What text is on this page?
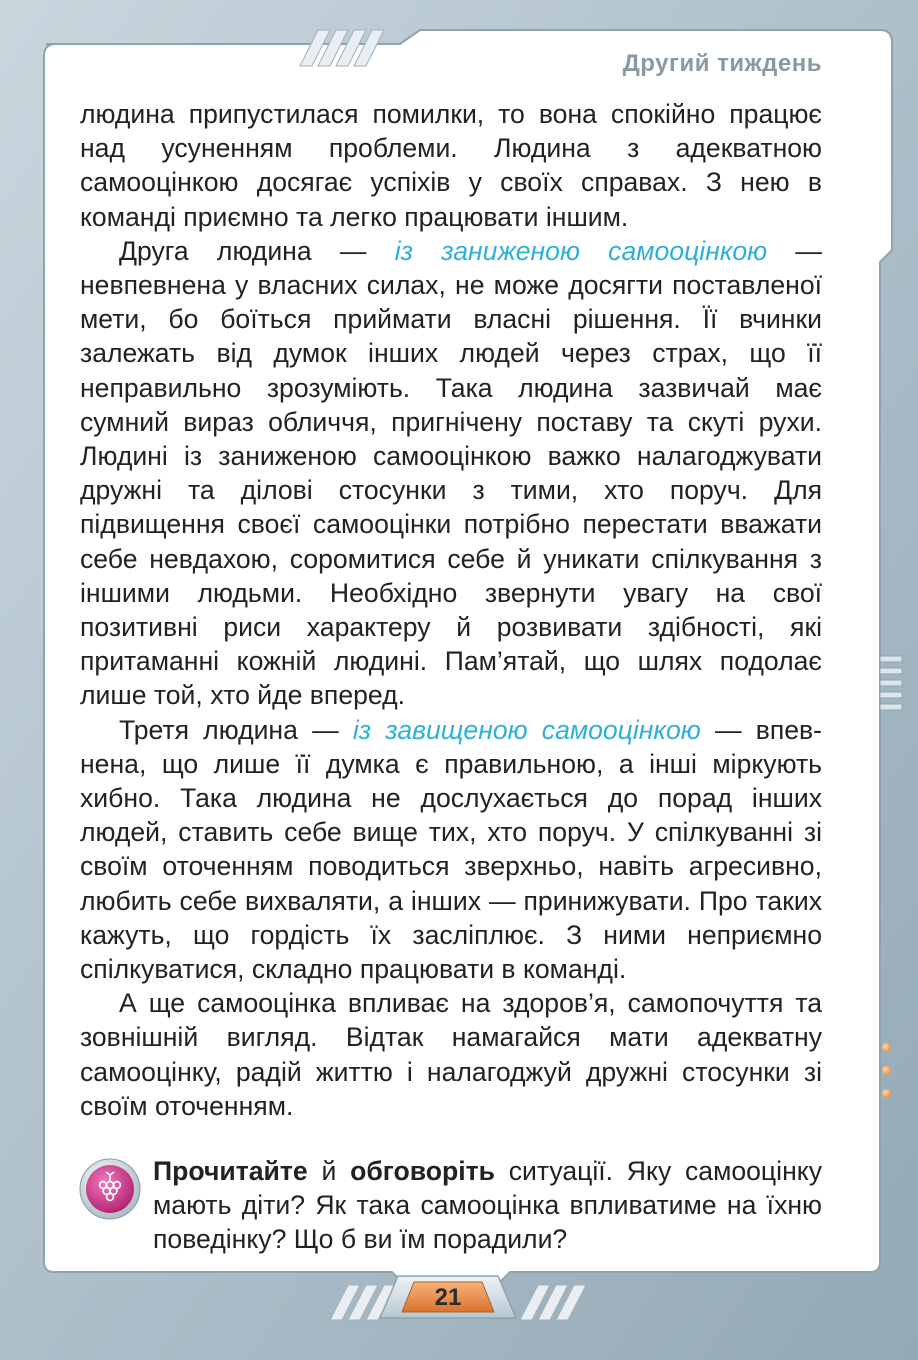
Другий тиждень

людина припустилася помилки, то вона спокійно працює над усуненням проблеми. Людина з адекватною самооцінкою досягає успіхів у своїх справах. З нею в команді приємно та легко працювати іншим.

Друга людина — із заниженою самооцінкою — невпевнена у власних силах, не може досягти поставленої мети, бо боїться приймати власні рішення. Її вчинки залежать від думок інших людей через страх, що її неправильно зрозуміють. Така людина зазвичай має сумний вираз обличчя, пригнічену поставу та скуті рухи. Людині із заниженою самооцінкою важко налагоджувати дружні та ділові стосунки з тими, хто поруч. Для підвищення своєї самооцінки потрібно перестати вважати себе невдахою, соромитися себе й уникати спілкування з іншими людьми. Необхідно звернути увагу на свої позитивні риси характеру й розвивати здібності, які притаманні кожній людині. Пам’ятай, що шлях подолає лише той, хто йде вперед.

Третя людина — із завищеною самооцінкою — впевнена, що лише її думка є правильною, а інші міркують хибно. Така людина не дослухається до порад інших людей, ставить себе вище тих, хто поруч. У спілкуванні зі своїм оточенням поводиться зверхньо, навіть агресивно, любить себе вихваляти, а інших — принижувати. Про таких кажуть, що гордість їх засліплює. З ними неприємно спілкуватися, складно працювати в команді.

А ще самооцінка впливає на здоров’я, самопочуття та зовнішній вигляд. Відтак намагайся мати адекватну самооцінку, радій життю і налагоджуй дружні стосунки зі своїм оточенням.

Прочитайте й обговоріть ситуації. Яку самооцінку мають діти? Як така самооцінка впливатиме на їхню поведінку? Що б ви їм порадили?

21
